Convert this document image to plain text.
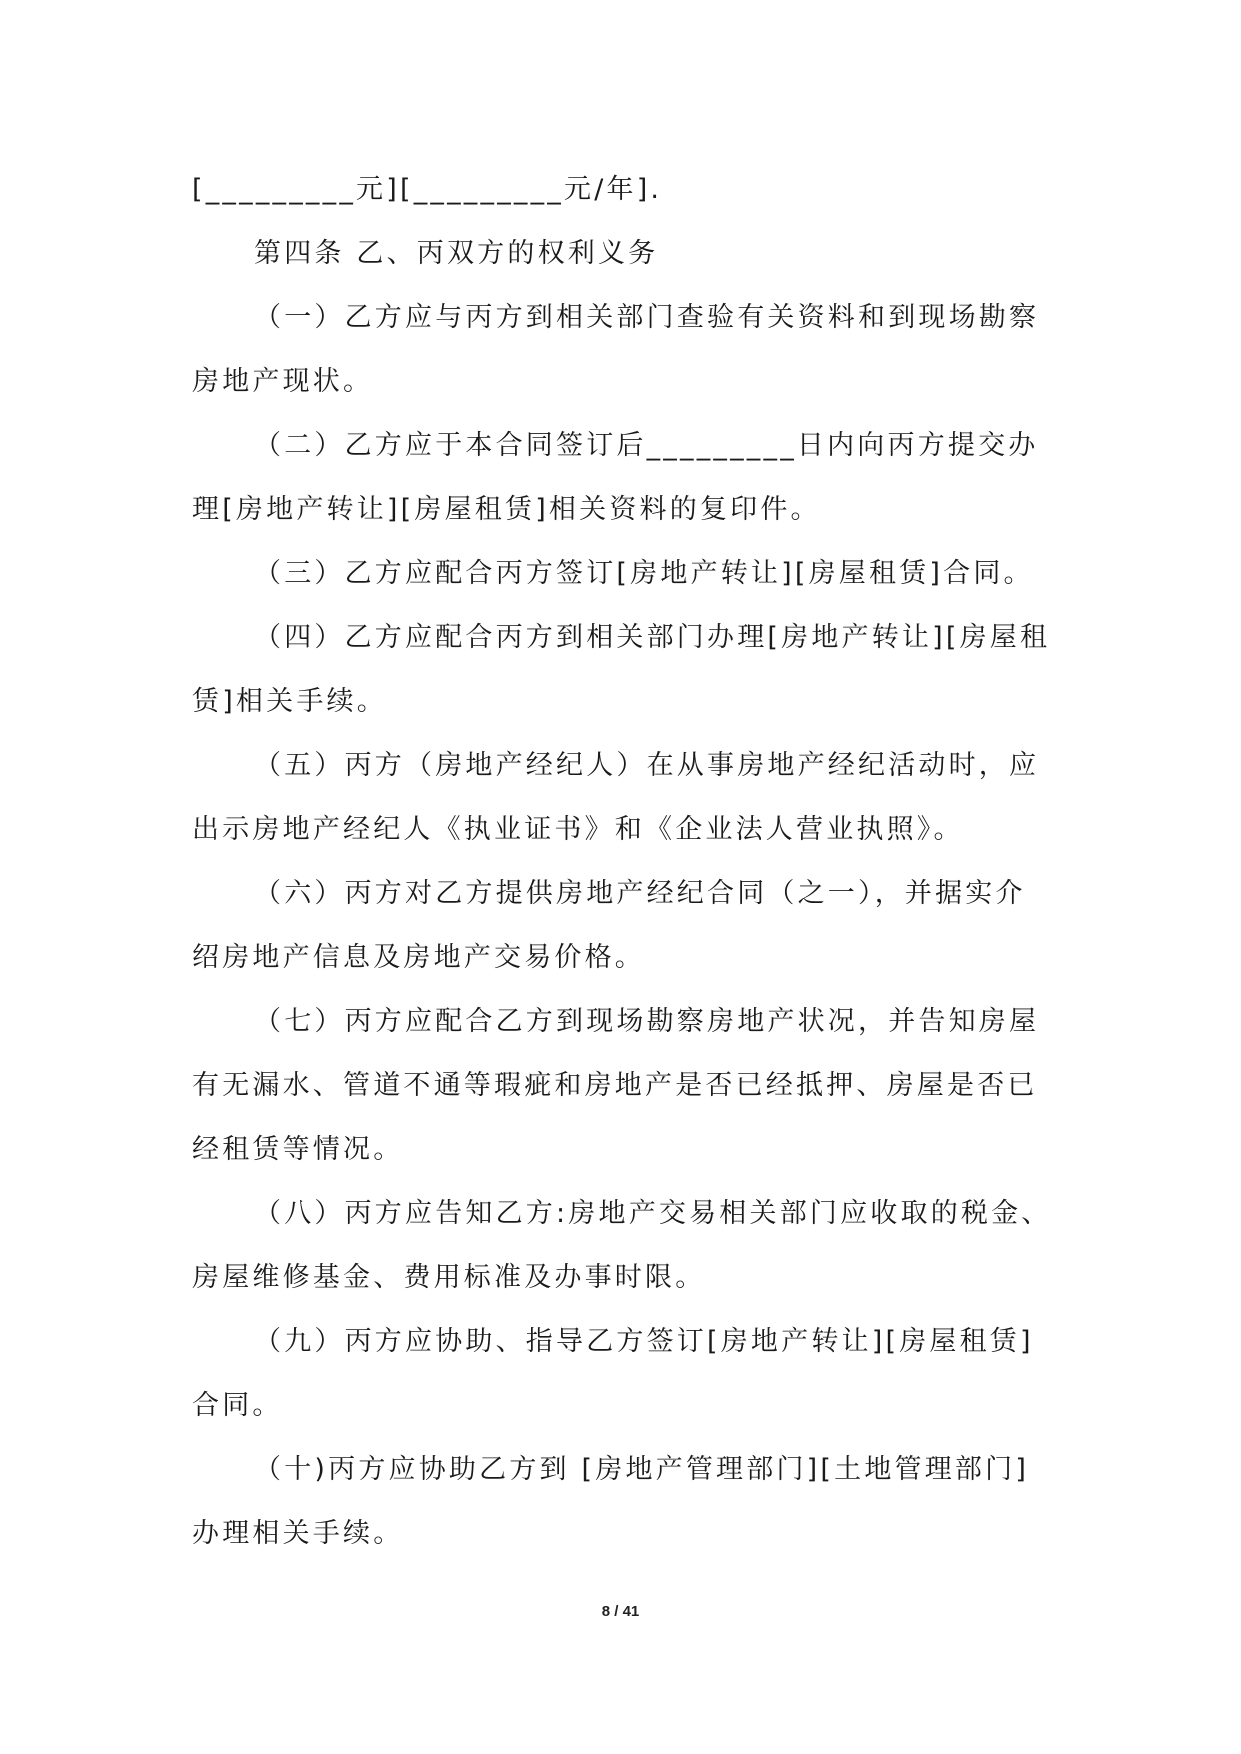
[_________元][_________元/年].

第四条 乙、丙双方的权利义务

（一）乙方应与丙方到相关部门查验有关资料和到现场勘察房地产现状。

（二）乙方应于本合同签订后_________日内向丙方提交办理[房地产转让][房屋租赁]相关资料的复印件。

（三）乙方应配合丙方签订[房地产转让][房屋租赁]合同。

（四）乙方应配合丙方到相关部门办理[房地产转让][房屋租赁]相关手续。

（五）丙方（房地产经纪人）在从事房地产经纪活动时，应出示房地产经纪人《执业证书》和《企业法人营业执照》。

（六）丙方对乙方提供房地产经纪合同（之一），并据实介绍房地产信息及房地产交易价格。

（七）丙方应配合乙方到现场勘察房地产状况，并告知房屋有无漏水、管道不通等瑕疵和房地产是否已经抵押、房屋是否已经租赁等情况。

（八）丙方应告知乙方:房地产交易相关部门应收取的税金、房屋维修基金、费用标准及办事时限。

（九）丙方应协助、指导乙方签订[房地产转让][房屋租赁]合同。

（十)丙方应协助乙方到 [房地产管理部门][土地管理部门]办理相关手续。

8 / 41
